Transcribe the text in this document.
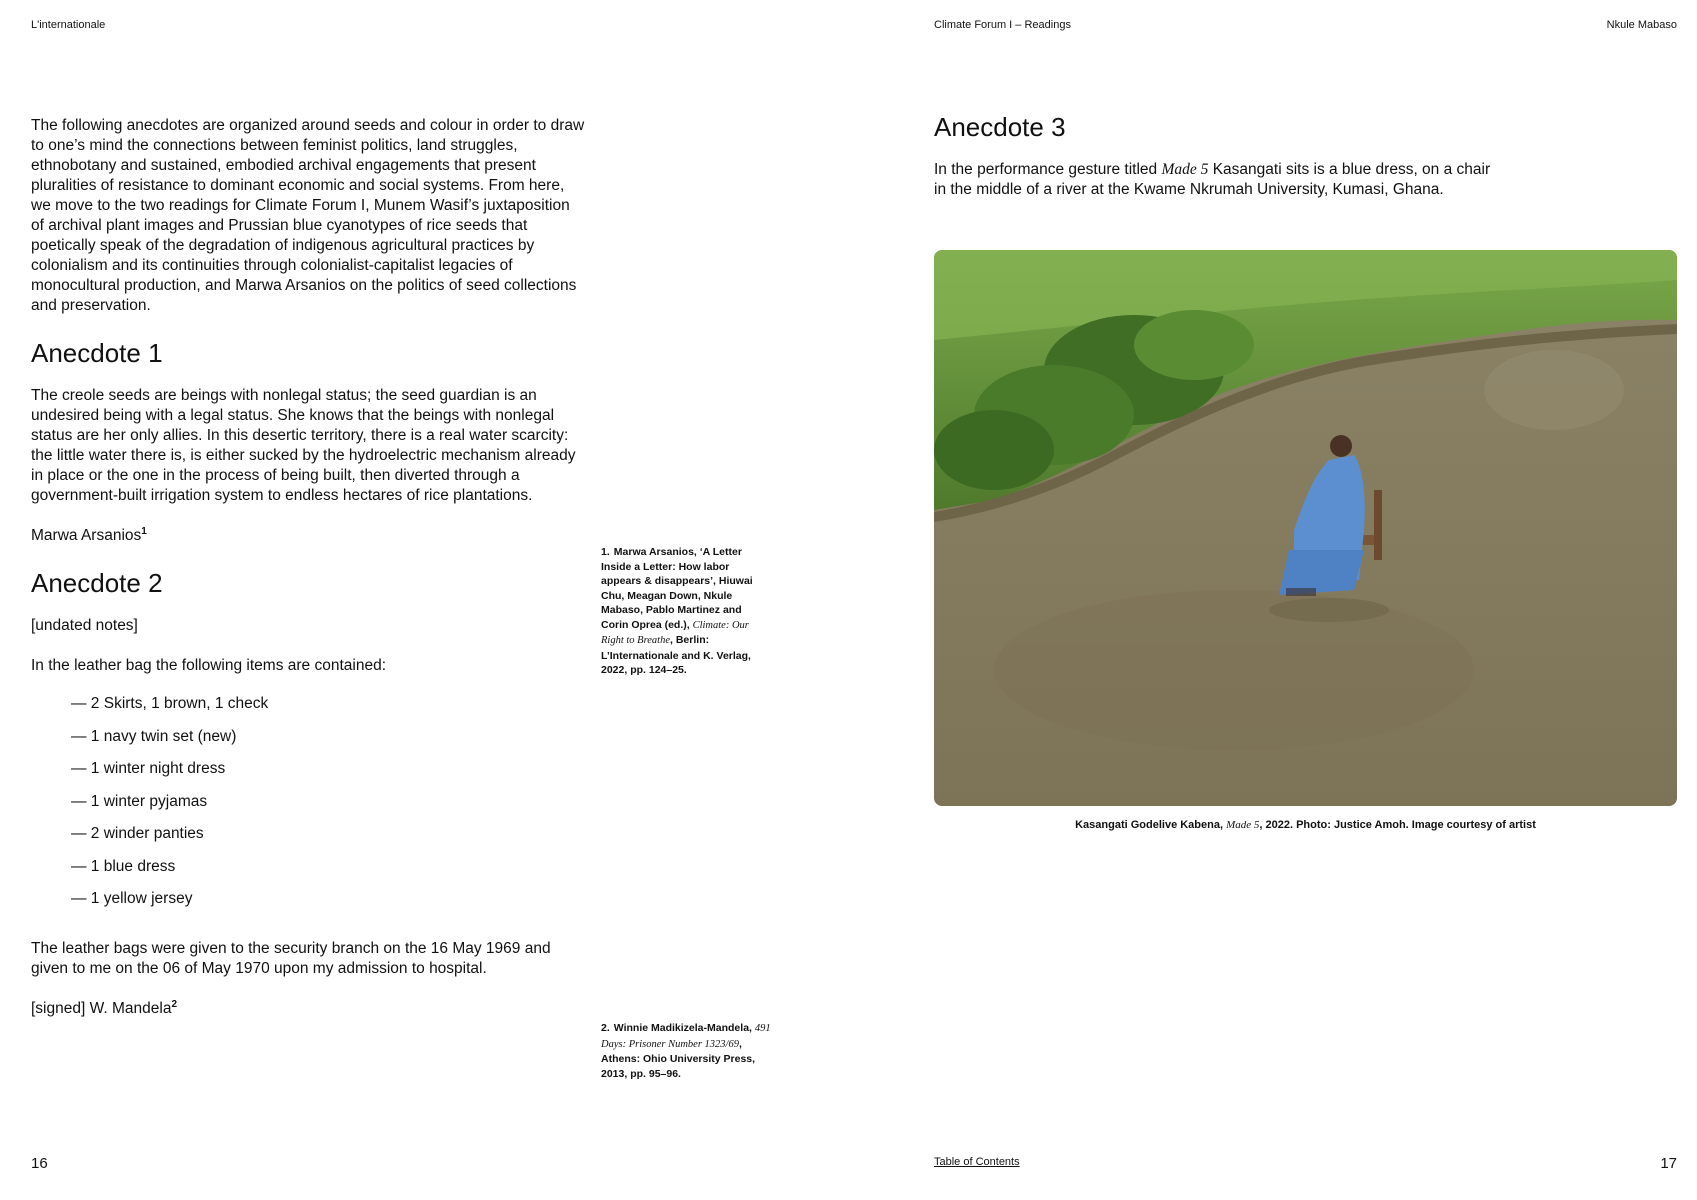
L'internationale	Climate Forum I – Readings	Nkule Mabaso

The following anecdotes are organized around seeds and colour in order to draw to one’s mind the connections between feminist politics, land struggles, ethnobotany and sustained, embodied archival engagements that present pluralities of resistance to dominant economic and social systems. From here, we move to the two readings for Climate Forum I, Munem Wasif’s juxtaposition of archival plant images and Prussian blue cyanotypes of rice seeds that poetically speak of the degradation of indigenous agricultural practices by colonialism and its continuities through colonialist-capitalist legacies of monocultural production, and Marwa Arsanios on the politics of seed collections and preservation.

Anecdote 1

The creole seeds are beings with nonlegal status; the seed guardian is an undesired being with a legal status. She knows that the beings with nonlegal status are her only allies. In this desertic territory, there is a real water scarcity: the little water there is, is either sucked by the hydroelectric mechanism already in place or the one in the process of being built, then diverted through a government-built irrigation system to endless hectares of rice plantations.

Marwa Arsanios$^1$

Anecdote 2

[undated notes]

In the leather bag the following items are contained:

— 2 Skirts, 1 brown, 1 check
— 1 navy twin set (new)
— 1 winter night dress
— 1 winter pyjamas
— 2 winder panties
— 1 blue dress
— 1 yellow jersey

The leather bags were given to the security branch on the 16 May 1969 and given to me on the 06 of May 1970 upon my admission to hospital.

[signed] W. Mandela$^2$

1. Marwa Arsanios, ‘A Letter Inside a Letter: How labor appears & disappears’, Hiuwai Chu, Meagan Down, Nkule Mabaso, Pablo Martinez and Corin Oprea (ed.), Climate: Our Right to Breathe, Berlin: L’Internationale and K. Verlag, 2022, pp. 124–25.
2. Winnie Madikizela-Mandela, 491 Days: Prisoner Number 1323/69, Athens: Ohio University Press, 2013, pp. 95–96.
Anecdote 3

In the performance gesture titled Made 5 Kasangati sits is a blue dress, on a chair in the middle of a river at the Kwame Nkrumah University, Kumasi, Ghana.

Kasangati Godelive Kabena, Made 5, 2022. Photo: Justice Amoh. Image courtesy of artist
16	Table of Contents	17
